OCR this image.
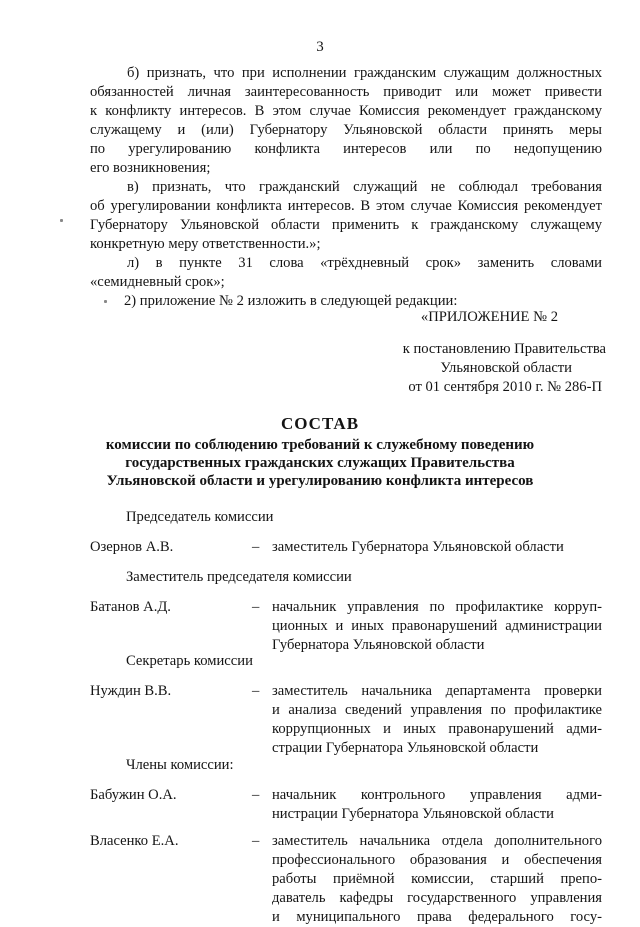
3
б) признать, что при исполнении гражданским служащим должностных
обязанностей личная заинтересованность приводит или может привести
к конфликту интересов. В этом случае Комиссия рекомендует гражданскому
служащему и (или) Губернатору Ульяновской области принять меры
по урегулированию конфликта интересов или по недопущению
его возникновения;
в) признать, что гражданский служащий не соблюдал требования
об урегулировании конфликта интересов. В этом случае Комиссия рекомендует
Губернатору Ульяновской области применить к гражданскому служащему
конкретную меру ответственности.»;
л) в пункте 31 слова «трёхдневный срок» заменить словами
«семидневный срок»;
2) приложение № 2 изложить в следующей редакции:
«ПРИЛОЖЕНИЕ № 2
к постановлению Правительства
Ульяновской области
от 01 сентября 2010 г. № 286-П
СОСТАВ
комиссии по соблюдению требований к служебному поведению
государственных гражданских служащих Правительства
Ульяновской области и урегулированию конфликта интересов
Председатель комиссии
Озернов А.В.	– заместитель Губернатора Ульяновской области
Заместитель председателя комиссии
Батанов А.Д.	– начальник управления по профилактике корруп-
ционных и иных правонарушений администрации
Губернатора Ульяновской области
Секретарь комиссии
Нуждин В.В.	– заместитель начальника департамента проверки
и анализа сведений управления по профилактике
коррупционных и иных правонарушений адми-
страции Губернатора Ульяновской области
Члены комиссии:
Бабужин О.А.	– начальник контрольного управления адми-
нистрации Губернатора Ульяновской области
Власенко Е.А.	– заместитель начальника отдела дополнительного
профессионального образования и обеспечения
работы приёмной комиссии, старший препо-
даватель кафедры государственного управления
и муниципального права федерального госу-
